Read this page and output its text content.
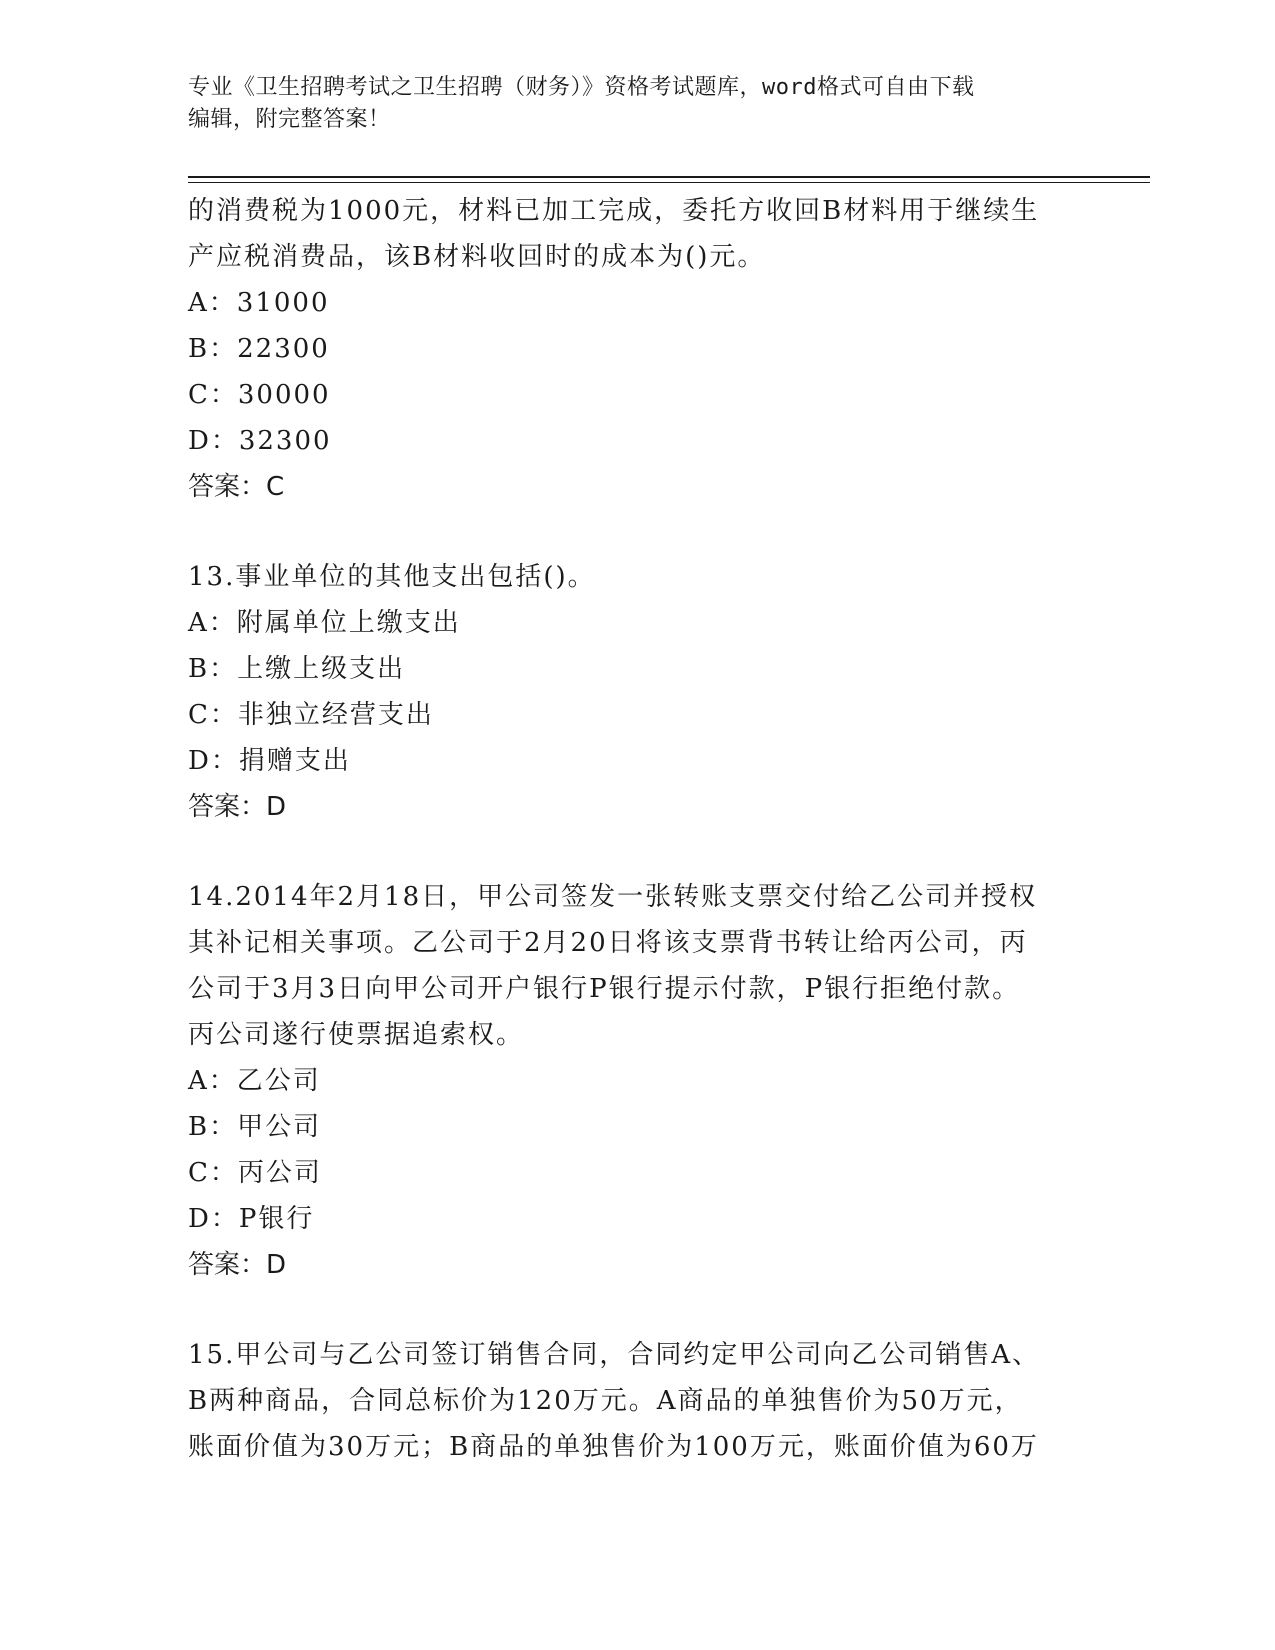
专业《卫生招聘考试之卫生招聘（财务）》资格考试题库，word格式可自由下载
编辑，附完整答案！
的消费税为1000元，材料已加工完成，委托方收回B材料用于继续生
产应税消费品，该B材料收回时的成本为()元。
A：31000
B：22300
C：30000
D：32300
答案：C
13.事业单位的其他支出包括()。
A：附属单位上缴支出
B：上缴上级支出
C：非独立经营支出
D：捐赠支出
答案：D
14.2014年2月18日，甲公司签发一张转账支票交付给乙公司并授权
其补记相关事项。乙公司于2月20日将该支票背书转让给丙公司，丙
公司于3月3日向甲公司开户银行P银行提示付款，P银行拒绝付款。
丙公司遂行使票据追索权。
A：乙公司
B：甲公司
C：丙公司
D：P银行
答案：D
15.甲公司与乙公司签订销售合同，合同约定甲公司向乙公司销售A、
B两种商品，合同总标价为120万元。A商品的单独售价为50万元，
账面价值为30万元；B商品的单独售价为100万元，账面价值为60万
